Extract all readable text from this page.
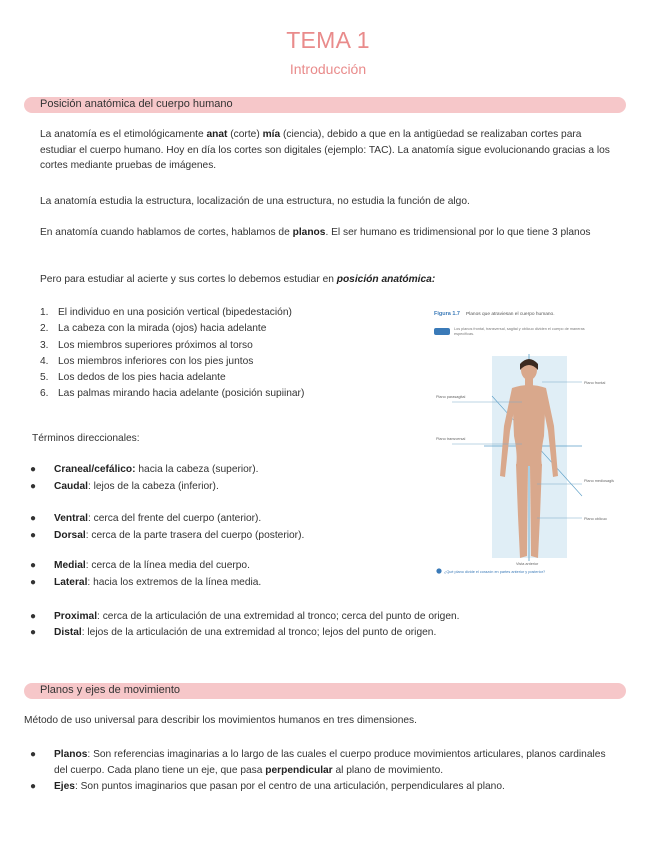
TEMA 1
Introducción
Posición anatómica del cuerpo humano

La anatomía es el etimológicamente anat (corte) mía (ciencia), debido a que en la antigüedad se realizaban cortes para estudiar el cuerpo humano. Hoy en día los cortes son digitales (ejemplo: TAC). La anatomía sigue evolucionando gracias a los cortes mediante pruebas de imágenes.

La anatomía estudia la estructura, localización de una estructura, no estudia la función de algo.

En anatomía cuando hablamos de cortes, hablamos de planos. El ser humano es tridimensional por lo que tiene 3 planos

Pero para estudiar al acierte y sus cortes lo debemos estudiar en posición anatómica:

1. El individuo en una posición vertical (bipedestación)
2. La cabeza con la mirada (ojos) hacia adelante
3. Los miembros superiores próximos al torso
4. Los miembros inferiores con los pies juntos
5. Los dedos de los pies hacia adelante
6. Las palmas mirando hacia adelante (posición supiinar)

Términos direccionales:

●	Craneal/cefálico: hacia la cabeza (superior).
●	Caudal: lejos de la cabeza (inferior).
●	Ventral: cerca del frente del cuerpo (anterior).
●	Dorsal: cerca de la parte trasera del cuerpo (posterior).
●	Medial: cerca de la línea media del cuerpo.
●	Lateral: hacia los extremos de la línea media.
●	Proximal: cerca de la articulación de una extremidad al tronco; cerca del punto de origen.
●	Distal: lejos de la articulación de una extremidad al tronco; lejos del punto de origen.
Figura 1.7 Planos que atraviesan el cuerpo humano.
Los planos frontal, transversal, sagital y oblicuo dividen el cuerpo de maneras específicas.
Plano frontal
Plano parasagital
Plano transversal
Plano mediosagital
Plano oblicuo
Vista anterior
¿Qué plano divide el corazón en partes anterior y posterior?
Planos y ejes de movimiento

Método de uso universal para describir los movimientos humanos en tres dimensiones.

●	Planos: Son referencias imaginarias a lo largo de las cuales el cuerpo produce movimientos articulares, planos cardinales del cuerpo. Cada plano tiene un eje, que pasa perpendicular al plano de movimiento.
●	Ejes: Son puntos imaginarios que pasan por el centro de una articulación, perpendiculares al plano.
